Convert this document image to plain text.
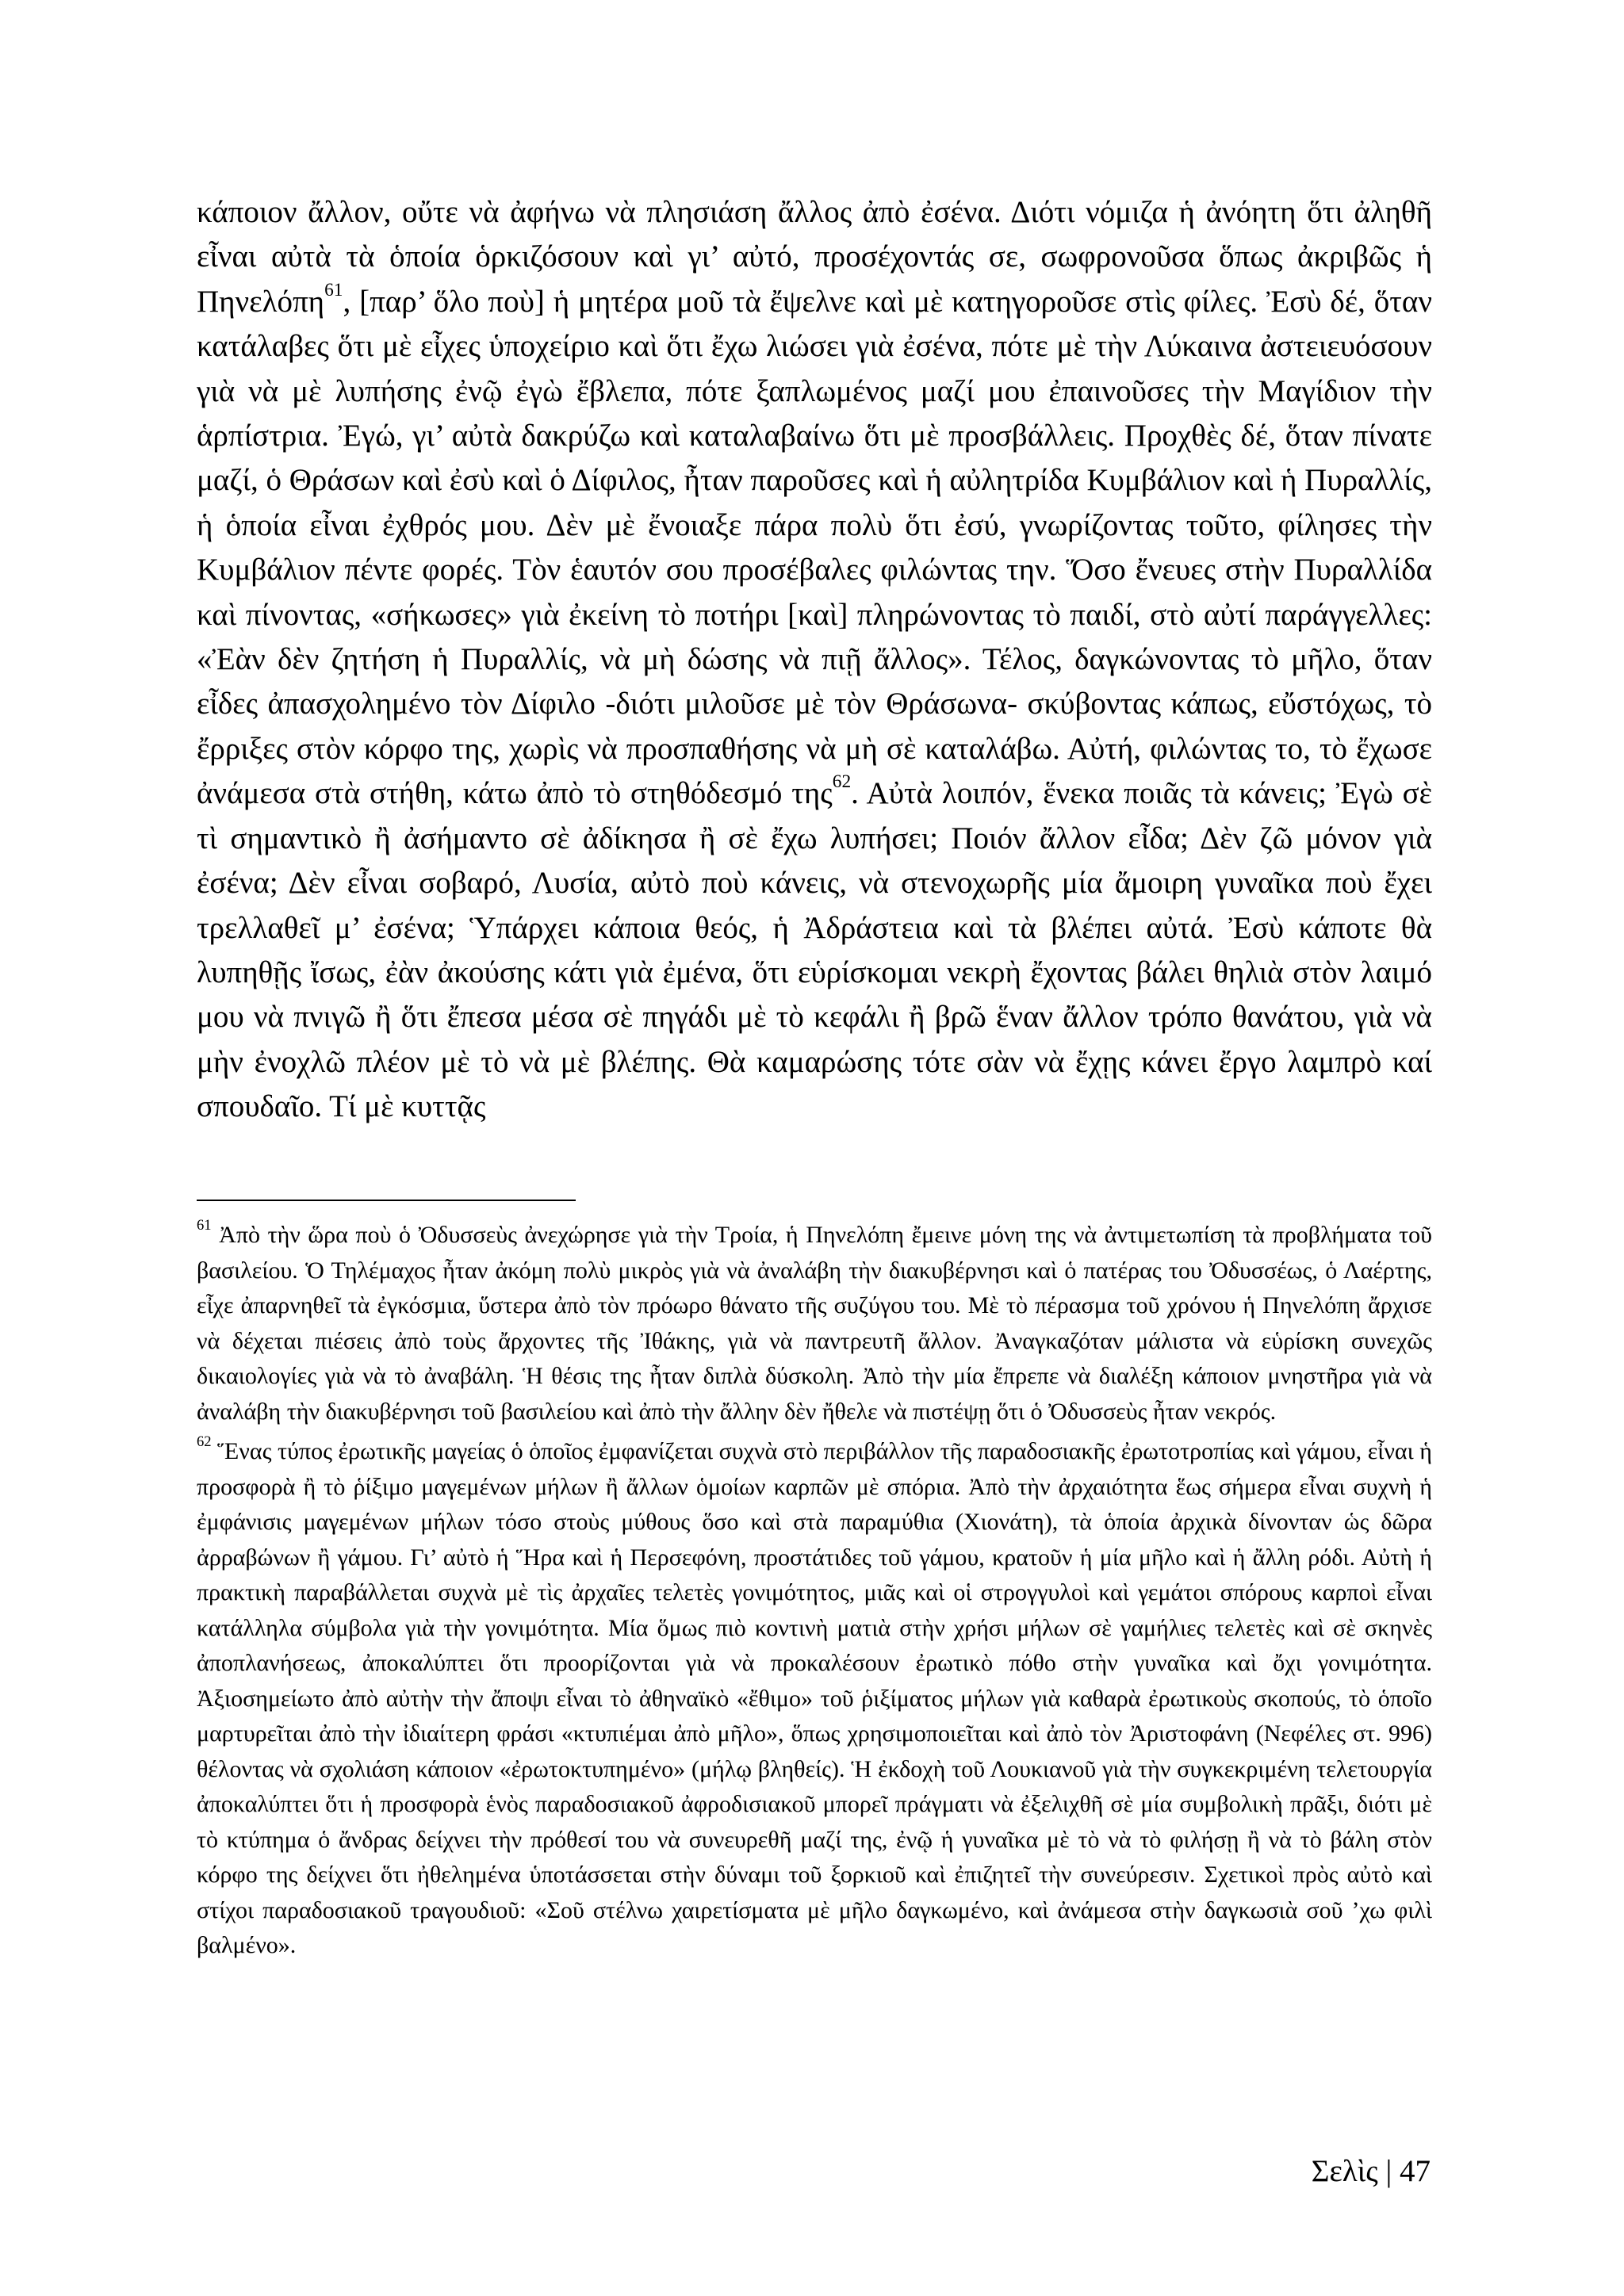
κάποιον ἄλλον, οὔτε νὰ ἀφήνω νὰ πλησιάση ἄλλος ἀπὸ ἐσένα. Διότι νόμιζα ἡ ἀνόητη ὅτι ἀληθῆ εἶναι αὐτὰ τὰ ὁποία ὁρκιζόσουν καὶ γι’ αὐτό, προσέχοντάς σε, σωφρονοῦσα ὅπως ἀκριβῶς ἡ Πηνελόπη$^{61}$, [παρ’ ὅλο ποὺ] ἡ μητέρα μοῦ τὰ ἔψελνε καὶ μὲ κατηγοροῦσε στὶς φίλες. Ἐσὺ δέ, ὅταν κατάλαβες ὅτι μὲ εἶχες ὑποχείριο καὶ ὅτι ἔχω λιώσει γιὰ ἐσένα, πότε μὲ τὴν Λύκαινα ἀστειευόσουν γιὰ νὰ μὲ λυπήσης ἐνῷ ἐγὼ ἔβλεπα, πότε ξαπλωμένος μαζί μου ἐπαινοῦσες τὴν Μαγίδιον τὴν ἁρπίστρια. Ἐγώ, γι’ αὐτὰ δακρύζω καὶ καταλαβαίνω ὅτι μὲ προσβάλλεις. Προχθὲς δέ, ὅταν πίνατε μαζί, ὁ Θράσων καὶ ἐσὺ καὶ ὁ Δίφιλος, ἦταν παροῦσες καὶ ἡ αὐλητρίδα Κυμβάλιον καὶ ἡ Πυραλλίς, ἡ ὁποία εἶναι ἐχθρός μου. Δὲν μὲ ἔνοιαξε πάρα πολὺ ὅτι ἐσύ, γνωρίζοντας τοῦτο, φίλησες τὴν Κυμβάλιον πέντε φορές. Τὸν ἑαυτόν σου προσέβαλες φιλώντας την. Ὅσο ἔνευες στὴν Πυραλλίδα καὶ πίνοντας, «σήκωσες» γιὰ ἐκείνη τὸ ποτήρι [καὶ] πληρώνοντας τὸ παιδί, στὸ αὐτί παράγγελλες: «Ἐὰν δὲν ζητήση ἡ Πυραλλίς, νὰ μὴ δώσης νὰ πιῇ ἄλλος». Τέλος, δαγκώνοντας τὸ μῆλο, ὅταν εἶδες ἀπασχολημένο τὸν Δίφιλο -διότι μιλοῦσε μὲ τὸν Θράσωνα- σκύβοντας κάπως, εὔστόχως, τὸ ἔρριξες στὸν κόρφο της, χωρὶς νὰ προσπαθήσης νὰ μὴ σὲ καταλάβω. Αὐτή, φιλώντας το, τὸ ἔχωσε ἀνάμεσα στὰ στήθη, κάτω ἀπὸ τὸ στηθόδεσμό της$^{62}$. Αὐτὰ λοιπόν, ἕνεκα ποιᾶς τὰ κάνεις; Ἐγὼ σὲ τὶ σημαντικὸ ἢ ἀσήμαντο σὲ ἀδίκησα ἢ σὲ ἔχω λυπήσει; Ποιόν ἄλλον εἶδα; Δὲν ζῶ μόνον γιὰ ἐσένα; Δὲν εἶναι σοβαρό, Λυσία, αὐτὸ ποὺ κάνεις, νὰ στενοχωρῆς μία ἄμοιρη γυναῖκα ποὺ ἔχει τρελλαθεῖ μ’ ἐσένα; Ὑπάρχει κάποια θεός, ἡ Ἀδράστεια καὶ τὰ βλέπει αὐτά. Ἐσὺ κάποτε θὰ λυπηθῇς ἴσως, ἐὰν ἀκούσης κάτι γιὰ ἐμένα, ὅτι εὑρίσκομαι νεκρὴ ἔχοντας βάλει θηλιὰ στὸν λαιμό μου νὰ πνιγῶ ἢ ὅτι ἔπεσα μέσα σὲ πηγάδι μὲ τὸ κεφάλι ἢ βρῶ ἕναν ἄλλον τρόπο θανάτου, γιὰ νὰ μὴν ἐνοχλῶ πλέον μὲ τὸ νὰ μὲ βλέπης. Θὰ καμαρώσης τότε σὰν νὰ ἔχῃς κάνει ἔργο λαμπρὸ καί σπουδαῖο. Τί μὲ κυττᾷς

$^{61}$ Ἀπὸ τὴν ὥρα ποὺ ὁ Ὀδυσσεὺς ἀνεχώρησε γιὰ τὴν Τροία, ἡ Πηνελόπη ἔμεινε μόνη της νὰ ἀντιμετωπίση τὰ προβλήματα τοῦ βασιλείου. Ὁ Τηλέμαχος ἦταν ἀκόμη πολὺ μικρὸς γιὰ νὰ ἀναλάβη τὴν διακυβέρνησι καὶ ὁ πατέρας του Ὀδυσσέως, ὁ Λαέρτης, εἶχε ἀπαρνηθεῖ τὰ ἐγκόσμια, ὕστερα ἀπὸ τὸν πρόωρο θάνατο τῆς συζύγου του. Μὲ τὸ πέρασμα τοῦ χρόνου ἡ Πηνελόπη ἄρχισε νὰ δέχεται πιέσεις ἀπὸ τοὺς ἄρχοντες τῆς Ἰθάκης, γιὰ νὰ παντρευτῆ ἄλλον. Ἀναγκαζόταν μάλιστα νὰ εὑρίσκη συνεχῶς δικαιολογίες γιὰ νὰ τὸ ἀναβάλη. Ἡ θέσις της ἦταν διπλὰ δύσκολη. Ἀπὸ τὴν μία ἔπρεπε νὰ διαλέξη κάποιον μνηστῆρα γιὰ νὰ ἀναλάβη τὴν διακυβέρνησι τοῦ βασιλείου καὶ ἀπὸ τὴν ἄλλην δὲν ἤθελε νὰ πιστέψῃ ὅτι ὁ Ὀδυσσεὺς ἦταν νεκρός.

$^{62}$ Ἕνας τύπος ἐρωτικῆς μαγείας ὁ ὁποῖος ἐμφανίζεται συχνὰ στὸ περιβάλλον τῆς παραδοσιακῆς ἐρωτοτροπίας καὶ γάμου, εἶναι ἡ προσφορὰ ἢ τὸ ῥίξιμο μαγεμένων μήλων ἢ ἄλλων ὁμοίων καρπῶν μὲ σπόρια. Ἀπὸ τὴν ἀρχαιότητα ἕως σήμερα εἶναι συχνὴ ἡ ἐμφάνισις μαγεμένων μήλων τόσο στοὺς μύθους ὅσο καὶ στὰ παραμύθια (Χιονάτη), τὰ ὁποία ἀρχικὰ δίνονταν ὡς δῶρα ἀρραβώνων ἢ γάμου. Γι’ αὐτὸ ἡ Ἥρα καὶ ἡ Περσεφόνη, προστάτιδες τοῦ γάμου, κρατοῦν ἡ μία μῆλο καὶ ἡ ἄλλη ρόδι. Αὐτὴ ἡ πρακτικὴ παραβάλλεται συχνὰ μὲ τὶς ἀρχαῖες τελετὲς γονιμότητος, μιᾶς καὶ οἱ στρογγυλοὶ καὶ γεμάτοι σπόρους καρποὶ εἶναι κατάλληλα σύμβολα γιὰ τὴν γονιμότητα. Μία ὅμως πιὸ κοντινὴ ματιὰ στὴν χρήσι μήλων σὲ γαμήλιες τελετὲς καὶ σὲ σκηνὲς ἀποπλανήσεως, ἀποκαλύπτει ὅτι προορίζονται γιὰ νὰ προκαλέσουν ἐρωτικὸ πόθο στὴν γυναῖκα καὶ ὄχι γονιμότητα. Ἀξιοσημείωτο ἀπὸ αὐτὴν τὴν ἄποψι εἶναι τὸ ἀθηναϊκὸ «ἔθιμο» τοῦ ῥιξίματος μήλων γιὰ καθαρὰ ἐρωτικοὺς σκοπούς, τὸ ὁποῖο μαρτυρεῖται ἀπὸ τὴν ἰδιαίτερη φράσι «κτυπιέμαι ἀπὸ μῆλο», ὅπως χρησιμοποιεῖται καὶ ἀπὸ τὸν Ἀριστοφάνη (Νεφέλες στ. 996) θέλοντας νὰ σχολιάση κάποιον «ἐρωτοκτυπημένο» (μήλῳ βληθείς). Ἡ ἐκδοχὴ τοῦ Λουκιανοῦ γιὰ τὴν συγκεκριμένη τελετουργία ἀποκαλύπτει ὅτι ἡ προσφορὰ ἑνὸς παραδοσιακοῦ ἀφροδισιακοῦ μπορεῖ πράγματι νὰ ἐξελιχθῆ σὲ μία συμβολικὴ πρᾶξι, διότι μὲ τὸ κτύπημα ὁ ἄνδρας δείχνει τὴν πρόθεσί του νὰ συνευρεθῆ μαζί της, ἐνῷ ἡ γυναῖκα μὲ τὸ νὰ τὸ φιλήσῃ ἢ νὰ τὸ βάλη στὸν κόρφο της δείχνει ὅτι ἠθελημένα ὑποτάσσεται στὴν δύναμι τοῦ ξορκιοῦ καὶ ἐπιζητεῖ τὴν συνεύρεσιν. Σχετικοὶ πρὸς αὐτὸ καὶ στίχοι παραδοσιακοῦ τραγουδιοῦ: «Σοῦ στέλνω χαιρετίσματα μὲ μῆλο δαγκωμένο, καὶ ἀνάμεσα στὴν δαγκωσιὰ σοῦ ’χω φιλὶ βαλμένο».

Σελὶς | 47
